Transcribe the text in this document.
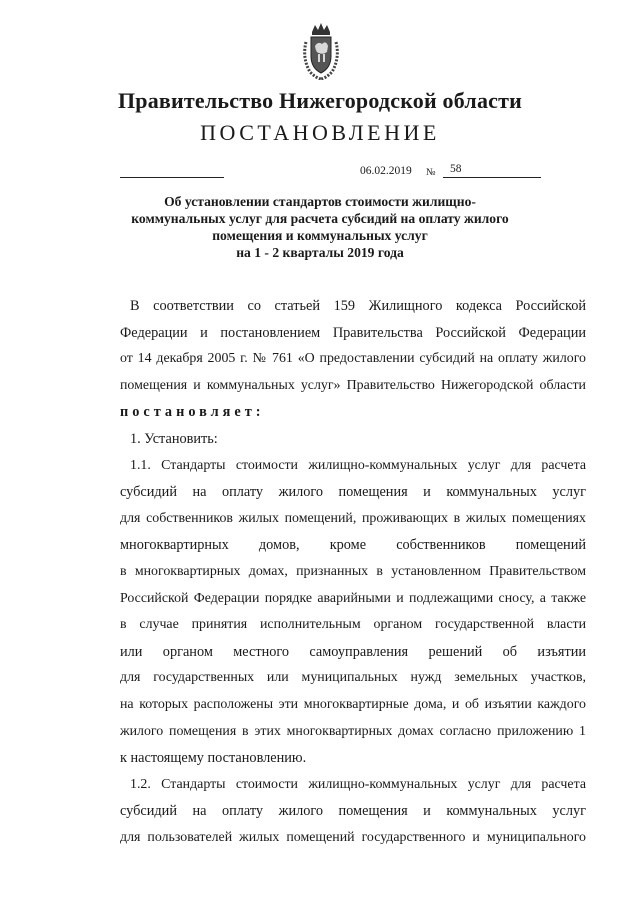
Правительство Нижегородской области
ПОСТАНОВЛЕНИЕ
06.02.2019 №	58
Об установлении стандартов стоимости жилищно-
коммунальных услуг для расчета субсидий на оплату жилого
помещения и коммунальных услуг
на 1 - 2 кварталы 2019 года

В соответствии со статьей 159 Жилищного кодекса Российской

Федерации и постановлением Правительства Российской Федерации

от 14 декабря 2005 г. № 761 «О предоставлении субсидий на оплату жилого

помещения и коммунальных услуг» Правительство Нижегородской области

постановляет:

1. Установить:

1.1. Стандарты стоимости жилищно-коммунальных услуг для расчета

субсидий на оплату жилого помещения и коммунальных услуг

для собственников жилых помещений, проживающих в жилых помещениях

многоквартирных домов, кроме собственников помещений

в многоквартирных домах, признанных в установленном Правительством

Российской Федерации порядке аварийными и подлежащими сносу, а также

в случае принятия исполнительным органом государственной власти

или органом местного самоуправления решений об изъятии

для государственных или муниципальных нужд земельных участков,

на которых расположены эти многоквартирные дома, и об изъятии каждого

жилого помещения в этих многоквартирных домах согласно приложению 1

к настоящему постановлению.

1.2. Стандарты стоимости жилищно-коммунальных услуг для расчета

субсидий на оплату жилого помещения и коммунальных услуг

для пользователей жилых помещений государственного и муниципального
